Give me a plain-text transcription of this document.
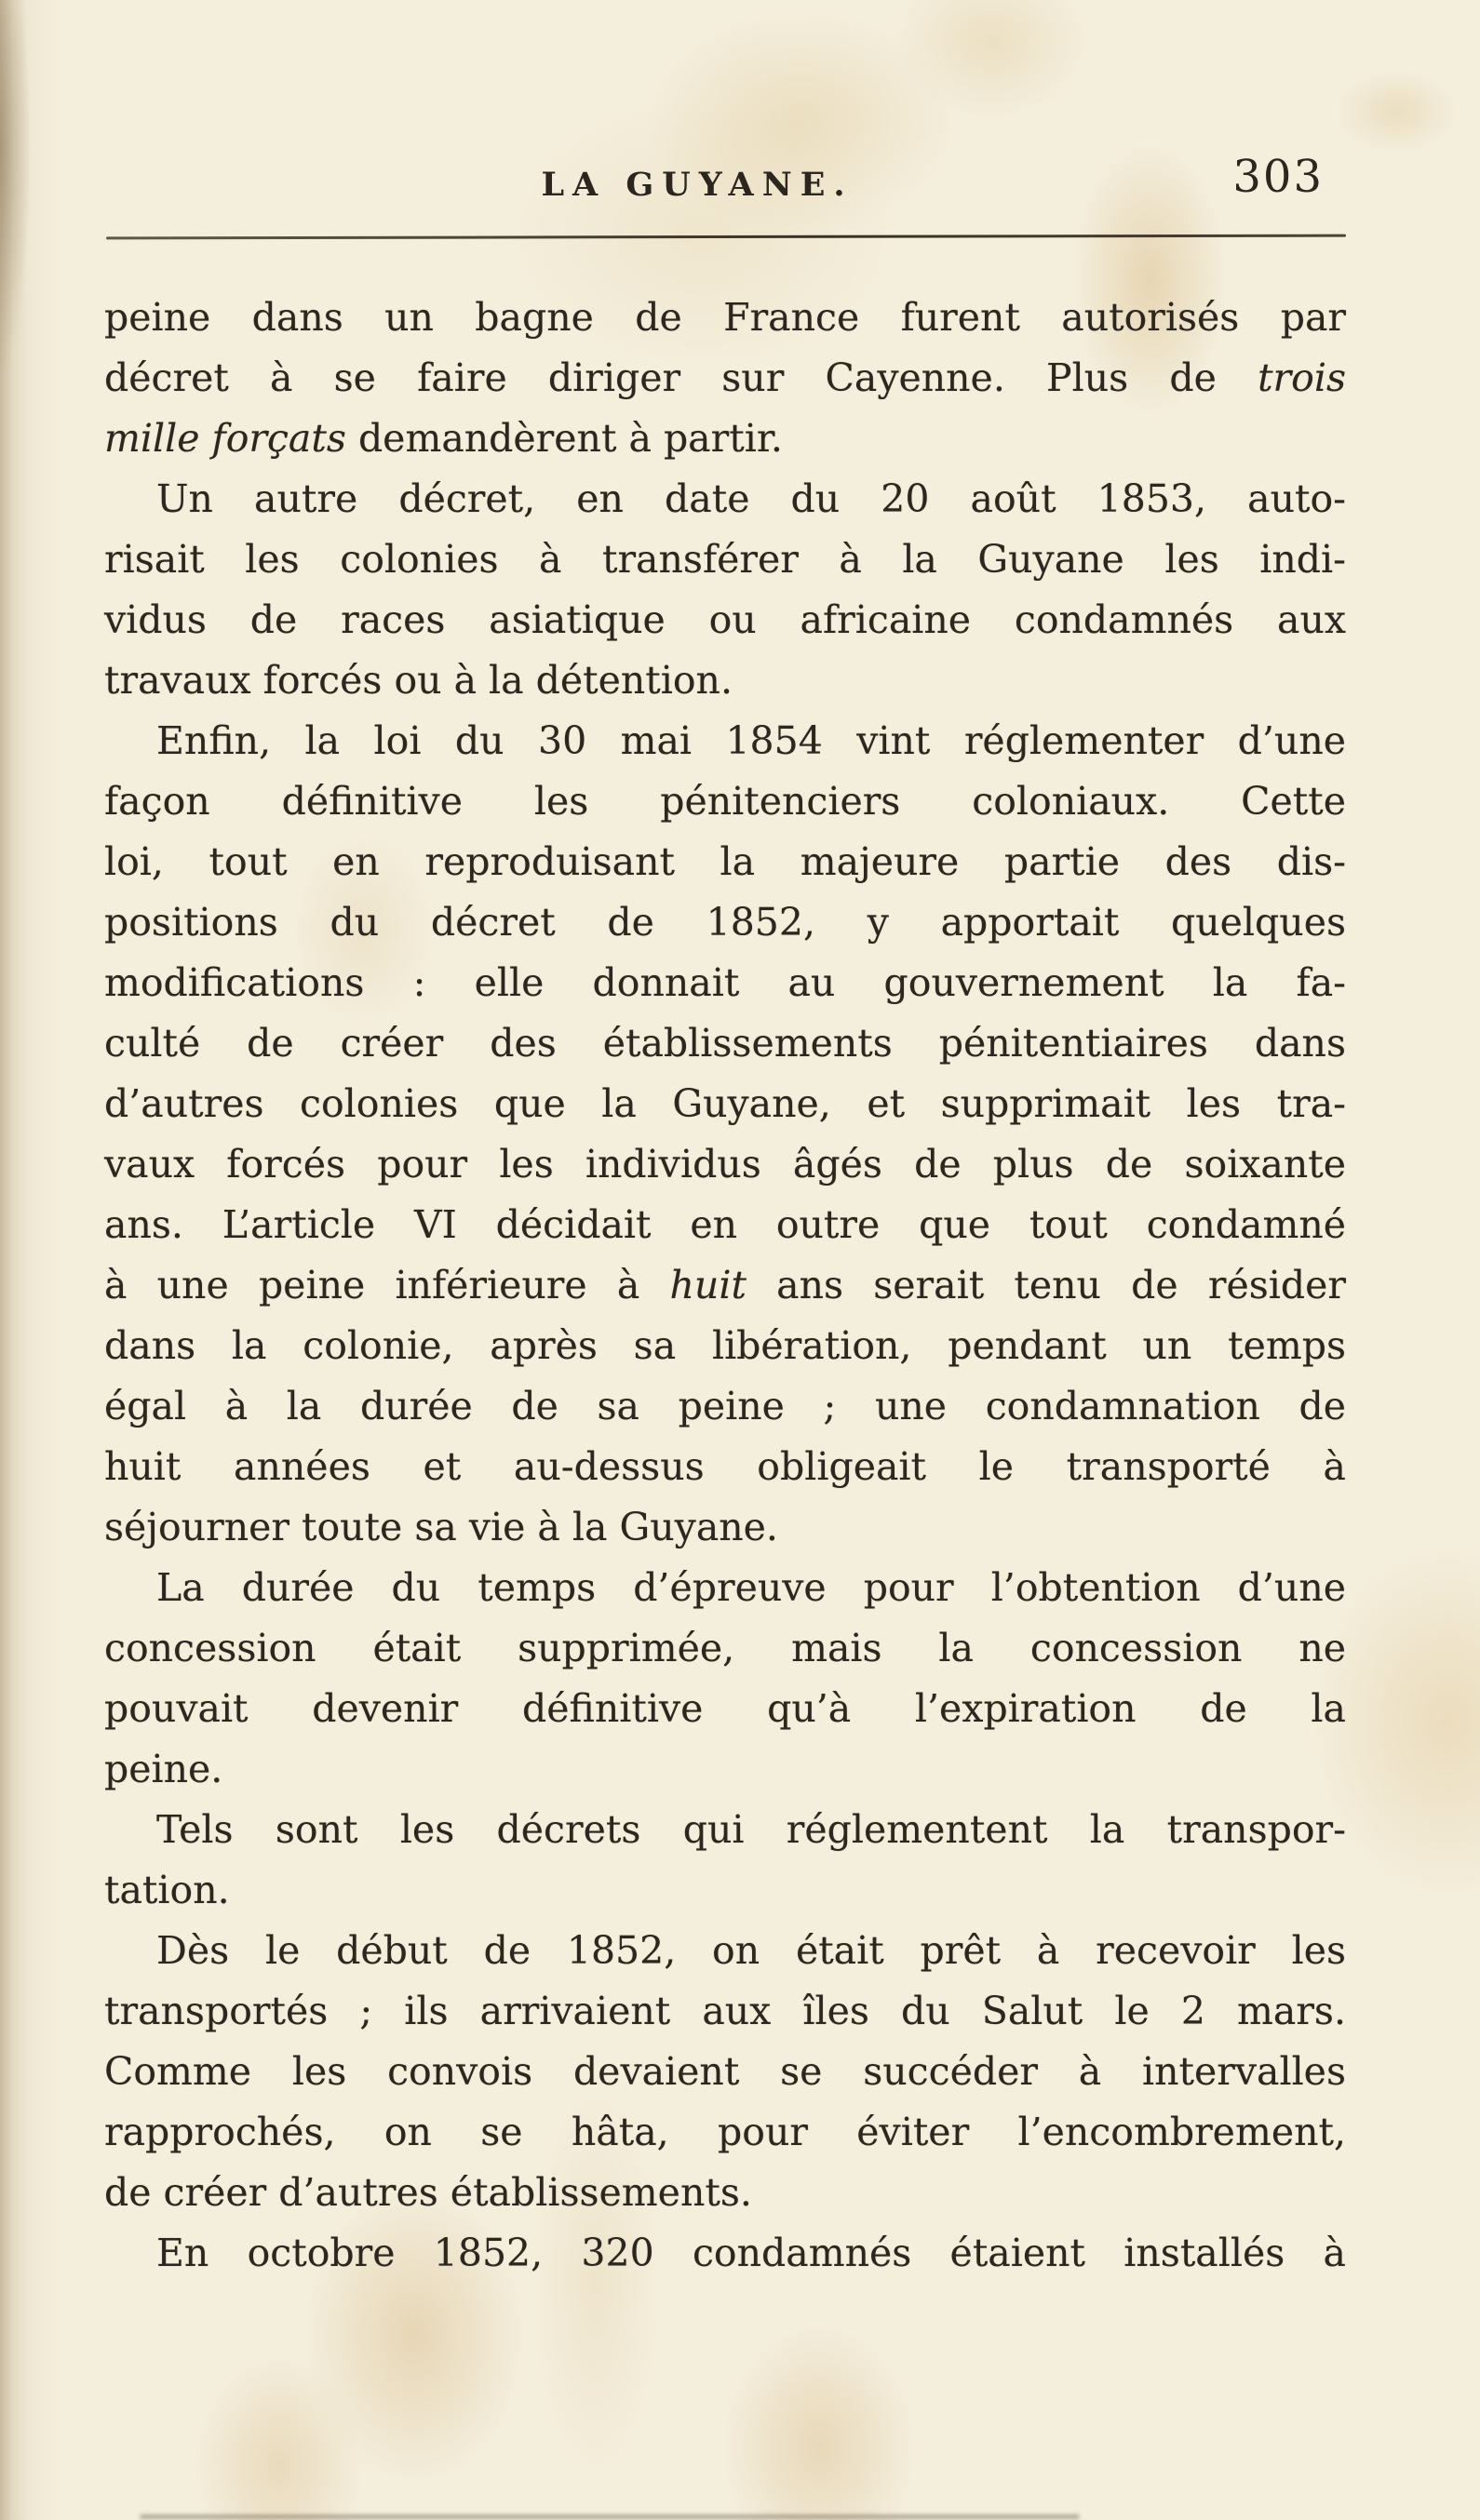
LA GUYANE.	303
peine dans un bagne de France furent autorisés par
décret à se faire diriger sur Cayenne. Plus de trois
mille forçats demandèrent à partir.
Un autre décret, en date du 20 août 1853, auto-
risait les colonies à transférer à la Guyane les indi-
vidus de races asiatique ou africaine condamnés aux
travaux forcés ou à la détention.
Enfin, la loi du 30 mai 1854 vint réglementer d’une
façon définitive les pénitenciers coloniaux. Cette
loi, tout en reproduisant la majeure partie des dis-
positions du décret de 1852, y apportait quelques
modifications : elle donnait au gouvernement la fa-
culté de créer des établissements pénitentiaires dans
d’autres colonies que la Guyane, et supprimait les tra-
vaux forcés pour les individus âgés de plus de soixante
ans. L’article VI décidait en outre que tout condamné
à une peine inférieure à huit ans serait tenu de résider
dans la colonie, après sa libération, pendant un temps
égal à la durée de sa peine ; une condamnation de
huit années et au-dessus obligeait le transporté à
séjourner toute sa vie à la Guyane.
La durée du temps d’épreuve pour l’obtention d’une
concession était supprimée, mais la concession ne
pouvait devenir définitive qu’à l’expiration de la
peine.
Tels sont les décrets qui réglementent la transpor-
tation.
Dès le début de 1852, on était prêt à recevoir les
transportés ; ils arrivaient aux îles du Salut le 2 mars.
Comme les convois devaient se succéder à intervalles
rapprochés, on se hâta, pour éviter l’encombrement,
de créer d’autres établissements.
En octobre 1852, 320 condamnés étaient installés à
